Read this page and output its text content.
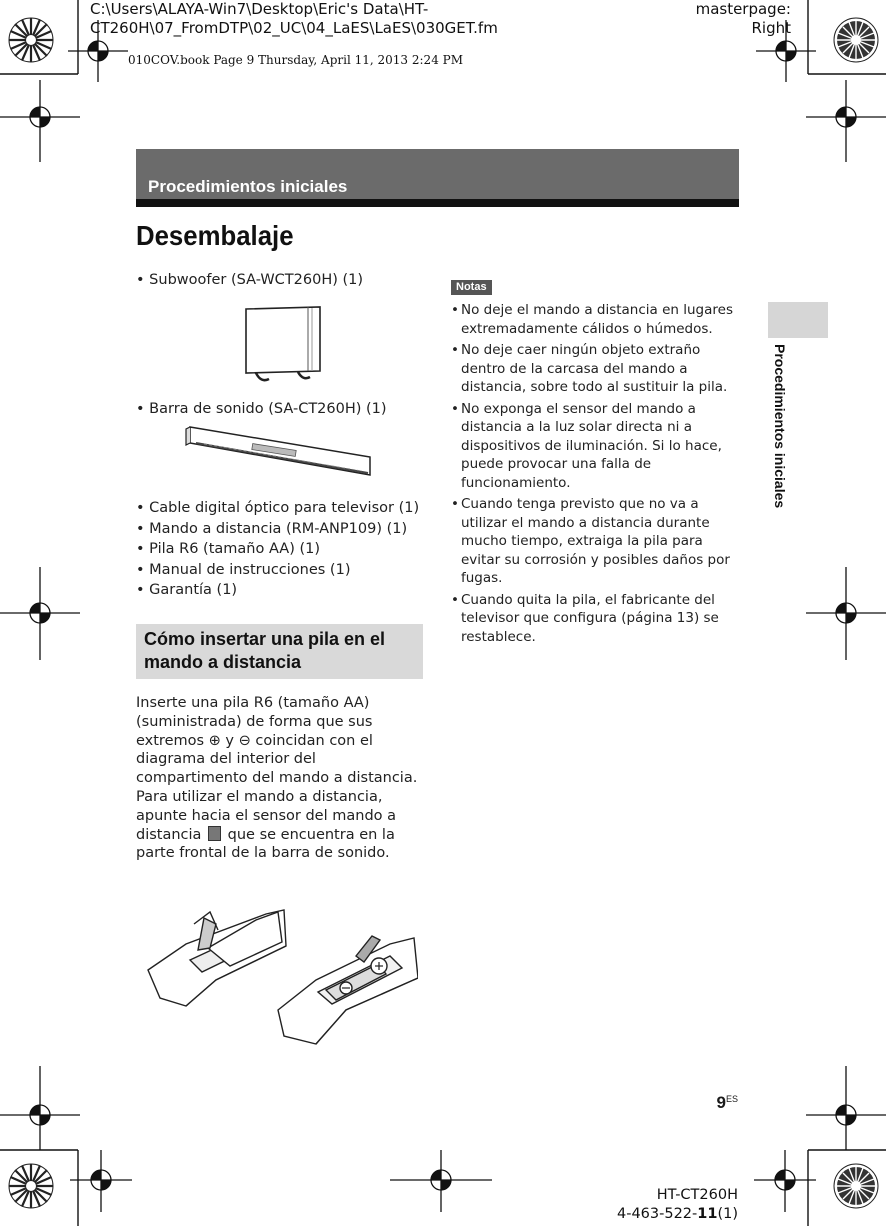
C:\Users\ALAYA-Win7\Desktop\Eric's Data\HT-CT260H\07_FromDTP\02_UC\04_LaES\LaES\030GET.fm
masterpage:
Right
010COV.book Page 9 Thursday, April 11, 2013 2:24 PM
Procedimientos iniciales
Desembalaje
Procedimientos iniciales
• Subwoofer (SA-WCT260H) (1)
• Barra de sonido (SA-CT260H) (1)
• Cable digital óptico para televisor (1)
• Mando a distancia (RM-ANP109) (1)
• Pila R6 (tamaño AA) (1)
• Manual de instrucciones (1)
• Garantía (1)
Cómo insertar una pila en el mando a distancia
Inserte una pila R6 (tamaño AA) (suministrada) de forma que sus extremos ⊕ y ⊖ coincidan con el diagrama del interior del compartimento del mando a distancia. Para utilizar el mando a distancia, apunte hacia el sensor del mando a distancia que se encuentra en la parte frontal de la barra de sonido.
Notas
• No deje el mando a distancia en lugares extremadamente cálidos o húmedos.
• No deje caer ningún objeto extraño dentro de la carcasa del mando a distancia, sobre todo al sustituir la pila.
• No exponga el sensor del mando a distancia a la luz solar directa ni a dispositivos de iluminación. Si lo hace, puede provocar una falla de funcionamiento.
• Cuando tenga previsto que no va a utilizar el mando a distancia durante mucho tiempo, extraiga la pila para evitar su corrosión y posibles daños por fugas.
• Cuando quita la pila, el fabricante del televisor que configura (página 13) se restablece.
$9^{ES}$
HT-CT260H
4-463-522-11(1)
